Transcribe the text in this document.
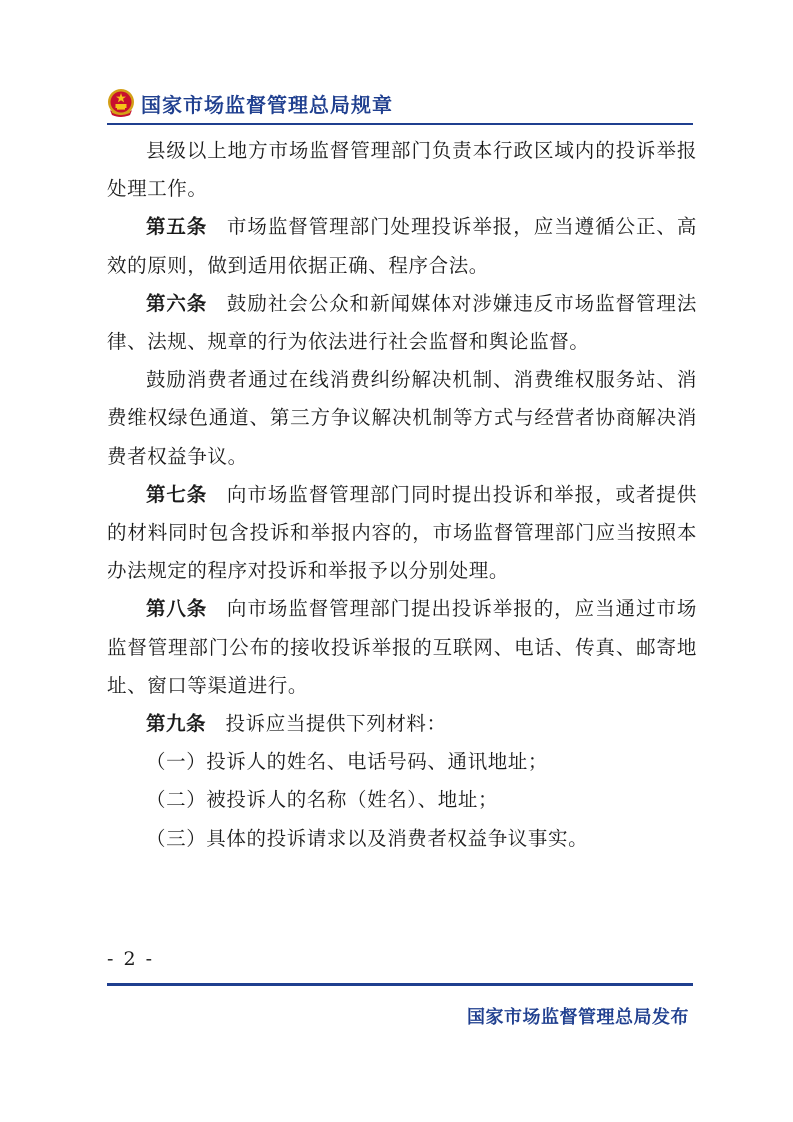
国家市场监督管理总局规章

县级以上地方市场监督管理部门负责本行政区域内的投诉举报处理工作。

第五条 市场监督管理部门处理投诉举报，应当遵循公正、高效的原则，做到适用依据正确、程序合法。

第六条 鼓励社会公众和新闻媒体对涉嫌违反市场监督管理法律、法规、规章的行为依法进行社会监督和舆论监督。

鼓励消费者通过在线消费纠纷解决机制、消费维权服务站、消费维权绿色通道、第三方争议解决机制等方式与经营者协商解决消费者权益争议。

第七条 向市场监督管理部门同时提出投诉和举报，或者提供的材料同时包含投诉和举报内容的，市场监督管理部门应当按照本办法规定的程序对投诉和举报予以分别处理。

第八条 向市场监督管理部门提出投诉举报的，应当通过市场监督管理部门公布的接收投诉举报的互联网、电话、传真、邮寄地址、窗口等渠道进行。

第九条 投诉应当提供下列材料：

（一）投诉人的姓名、电话号码、通讯地址；

（二）被投诉人的名称（姓名）、地址；

（三）具体的投诉请求以及消费者权益争议事实。

- 2 -
国家市场监督管理总局发布
